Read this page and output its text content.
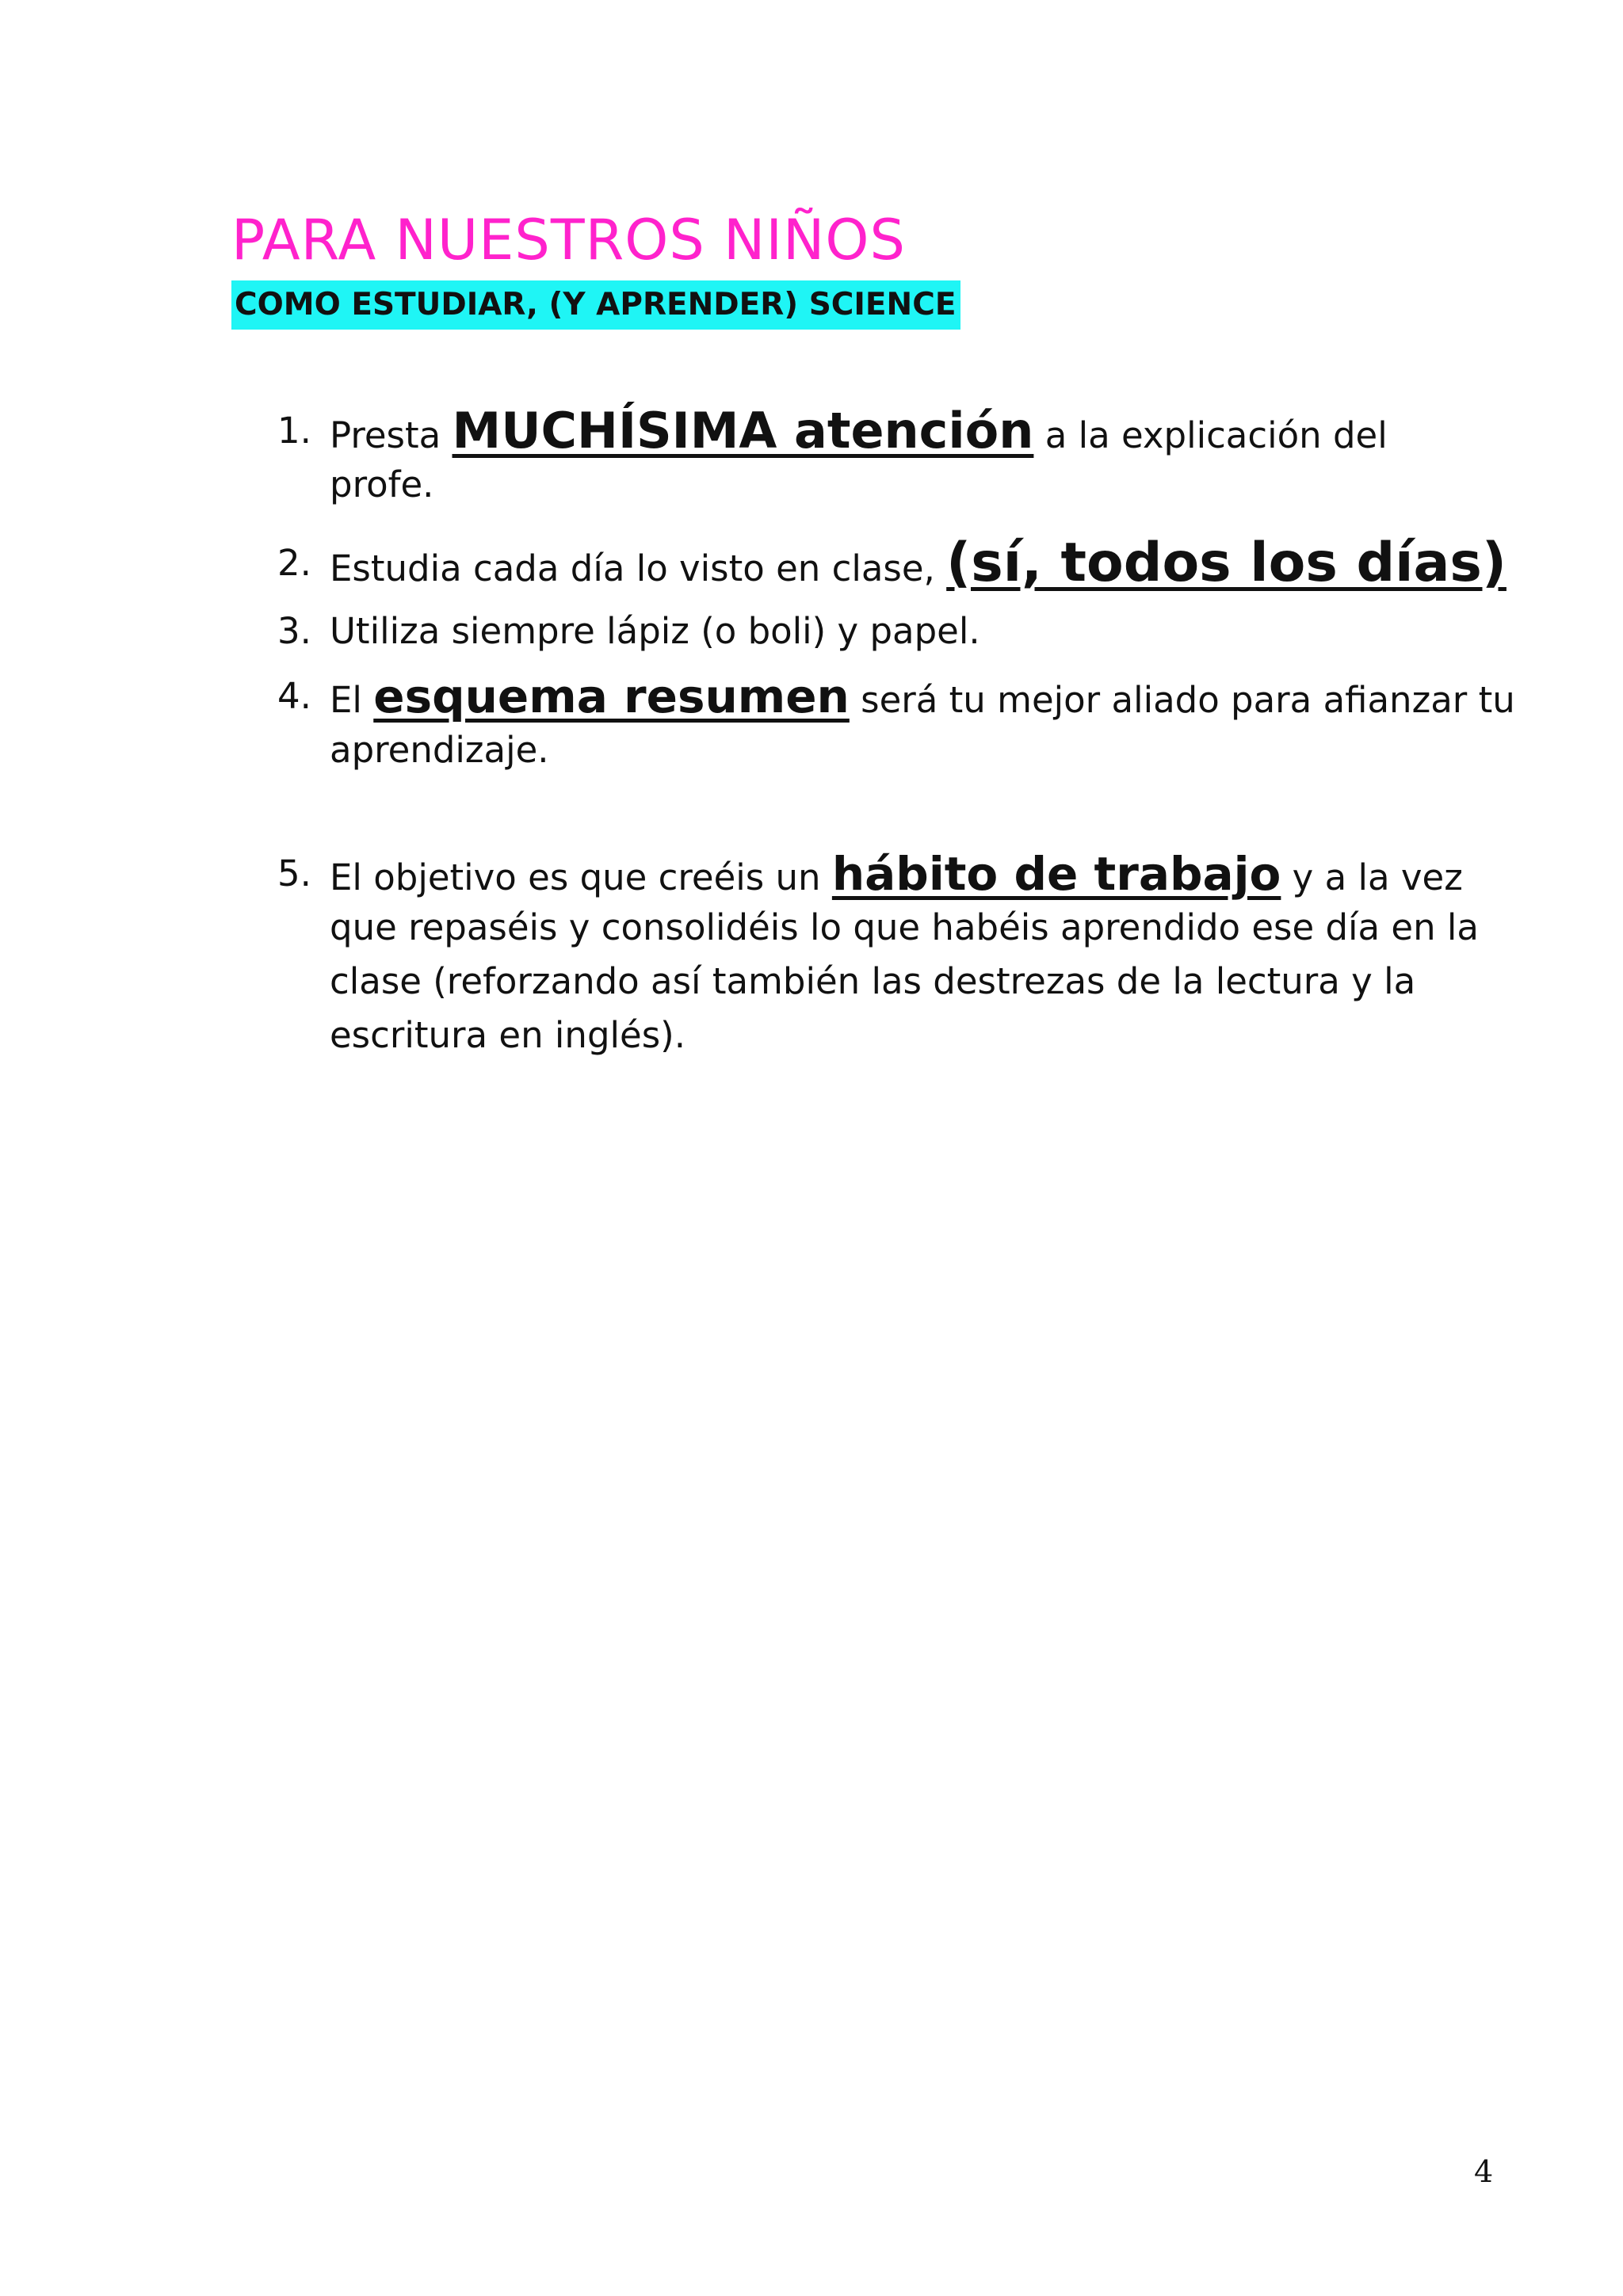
PARA NUESTROS NIÑOS
COMO ESTUDIAR, (Y APRENDER) SCIENCE
1. Presta MUCHÍSIMA atención a la explicación del
profe.
2. Estudia cada día lo visto en clase, (sí, todos los días)
3. Utiliza siempre lápiz (o boli) y papel.
4. El esquema resumen será tu mejor aliado para afianzar tu
aprendizaje.
5. El objetivo es que creéis un hábito de trabajo y a la vez
que repaséis y consolidéis lo que habéis aprendido ese día en la
clase (reforzando así también las destrezas de la lectura y la
escritura en inglés).
4
